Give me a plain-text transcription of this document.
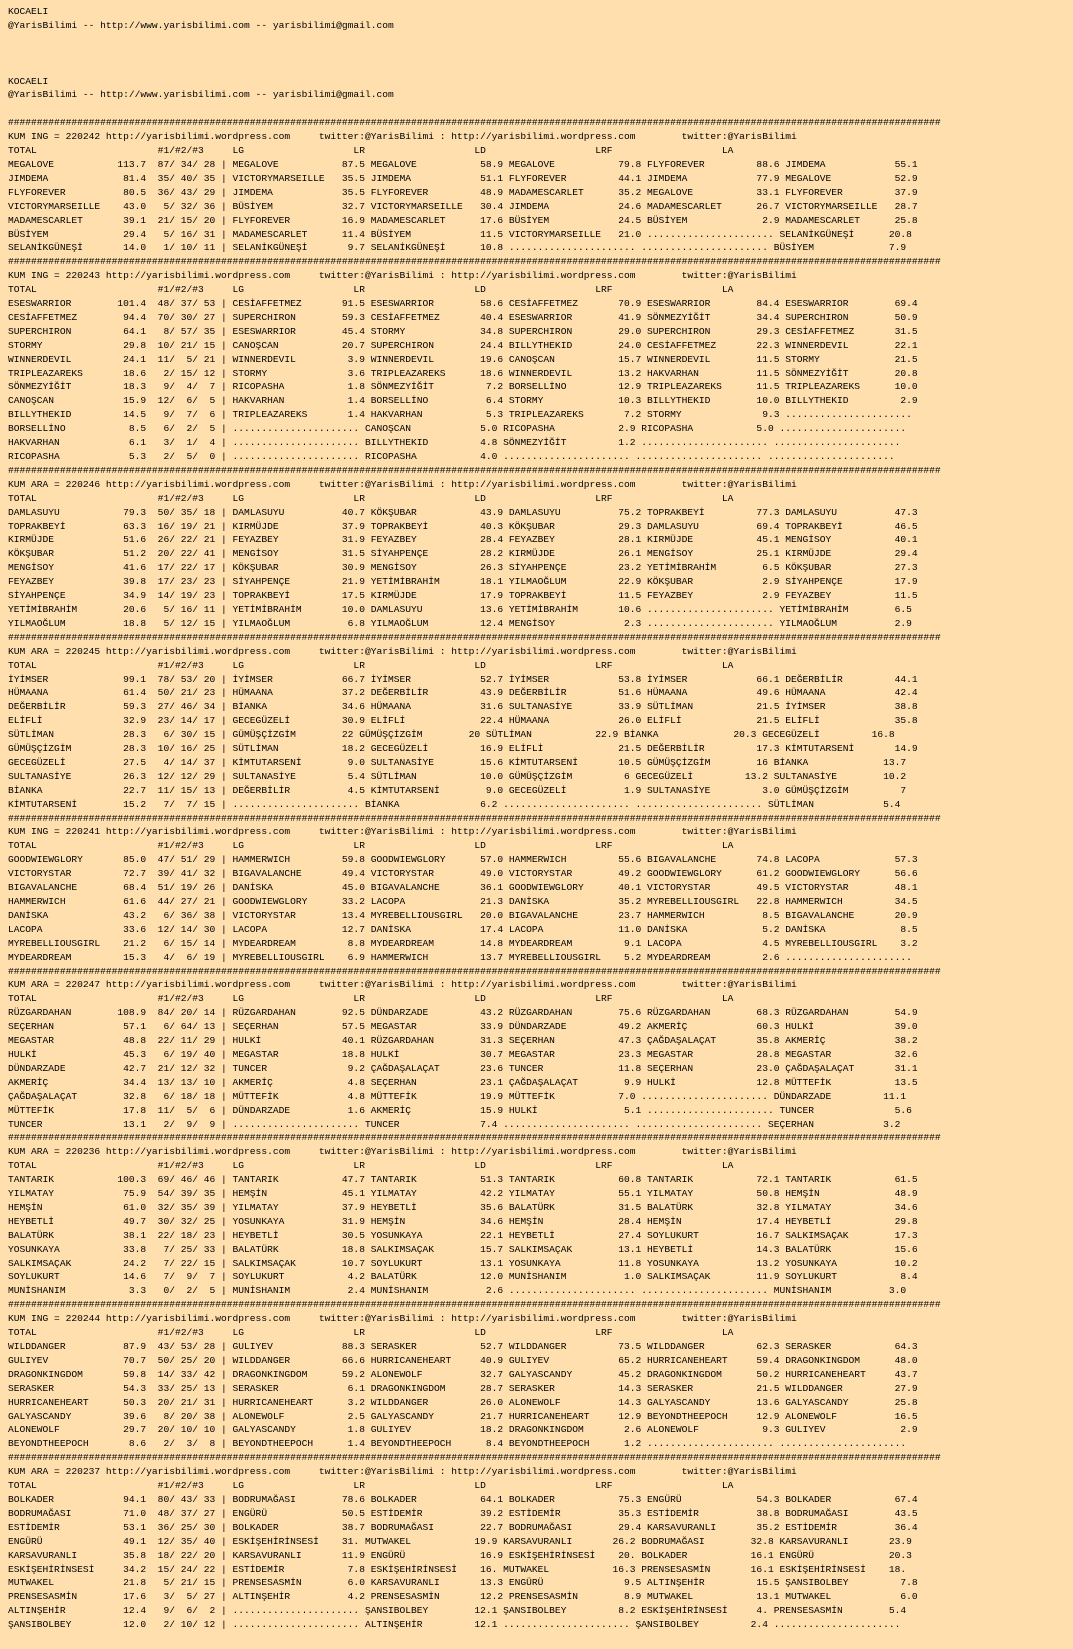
KOCAELI
@YarisBilimi -- http://www.yarisbilimi.com -- yarisbilimi@gmail.com
KOCAELI
@YarisBilimi -- http://www.yarisbilimi.com -- yarisbilimi@gmail.com
##################################################################################################################################################################
KUM ING = 220242 http://yarisbilimi.wordpress.com     twitter:@YarisBilimi : http://yarisbilimi.wordpress.com        twitter:@YarisBilimi
TOTAL                     #1/#2/#3     LG                   LR                   LD                   LRF                   LA
MEGALOVE           113.7  87/ 34/ 28 | MEGALOVE           87.5 MEGALOVE           58.9 MEGALOVE           79.8 FLYFOREVER         88.6 JIMDEMA            55.1
JIMDEMA             81.4  35/ 40/ 35 | VICTORYMARSEILLE   35.5 JIMDEMA            51.1 FLYFOREVER         44.1 JIMDEMA            77.9 MEGALOVE           52.9
FLYFOREVER          80.5  36/ 43/ 29 | JIMDEMA            35.5 FLYFOREVER         48.9 MADAMESCARLET      35.2 MEGALOVE           33.1 FLYFOREVER         37.9
VICTORYMARSEILLE    43.0   5/ 32/ 36 | BÜSİYEM            32.7 VICTORYMARSEILLE   30.4 JIMDEMA            24.6 MADAMESCARLET      26.7 VICTORYMARSEILLE   28.7
MADAMESCARLET       39.1  21/ 15/ 20 | FLYFOREVER         16.9 MADAMESCARLET      17.6 BÜSİYEM            24.5 BÜSİYEM             2.9 MADAMESCARLET      25.8
BÜSİYEM             29.4   5/ 16/ 31 | MADAMESCARLET      11.4 BÜSİYEM            11.5 VICTORYMARSEILLE   21.0 ...................... SELANİKGÜNEŞİ      20.8
SELANİKGÜNEŞİ       14.0   1/ 10/ 11 | SELANİKGÜNEŞİ       9.7 SELANİKGÜNEŞİ      10.8 ...................... ...................... BÜSİYEM             7.9
##################################################################################################################################################################
KUM ING = 220243 http://yarisbilimi.wordpress.com     twitter:@YarisBilimi : http://yarisbilimi.wordpress.com        twitter:@YarisBilimi
TOTAL                     #1/#2/#3     LG                   LR                   LD                   LRF                   LA
ESESWARRIOR        101.4  48/ 37/ 53 | CESİAFFETMEZ       91.5 ESESWARRIOR        58.6 CESİAFFETMEZ       70.9 ESESWARRIOR        84.4 ESESWARRIOR        69.4
CESİAFFETMEZ        94.4  70/ 30/ 27 | SUPERCHIRON        59.3 CESİAFFETMEZ       40.4 ESESWARRIOR        41.9 SÖNMEZYİĞİT        34.4 SUPERCHIRON        50.9
SUPERCHIRON         64.1   8/ 57/ 35 | ESESWARRIOR        45.4 STORMY             34.8 SUPERCHIRON        29.0 SUPERCHIRON        29.3 CESİAFFETMEZ       31.5
STORMY              29.8  10/ 21/ 15 | CANOŞCAN           20.7 SUPERCHIRON        24.4 BILLYTHEKID        24.0 CESİAFFETMEZ       22.3 WINNERDEVIL        22.1
WINNERDEVIL         24.1  11/  5/ 21 | WINNERDEVIL         3.9 WINNERDEVIL        19.6 CANOŞCAN           15.7 WINNERDEVIL        11.5 STORMY             21.5
TRIPLEAZAREKS       18.6   2/ 15/ 12 | STORMY              3.6 TRIPLEAZAREKS      18.6 WINNERDEVIL        13.2 HAKVARHAN          11.5 SÖNMEZYİĞİT        20.8
SÖNMEZYİĞİT         18.3   9/  4/  7 | RICOPASHA           1.8 SÖNMEZYİĞİT         7.2 BORSELLİNO         12.9 TRIPLEAZAREKS      11.5 TRIPLEAZAREKS      10.0
CANOŞCAN            15.9  12/  6/  5 | HAKVARHAN           1.4 BORSELLİNO          6.4 STORMY             10.3 BILLYTHEKID        10.0 BILLYTHEKID         2.9
BILLYTHEKID         14.5   9/  7/  6 | TRIPLEAZAREKS       1.4 HAKVARHAN           5.3 TRIPLEAZAREKS       7.2 STORMY              9.3 ......................
BORSELLİNO           8.5   6/  2/  5 | ...................... CANOŞCAN            5.0 RICOPASHA           2.9 RICOPASHA           5.0 ......................
HAKVARHAN            6.1   3/  1/  4 | ...................... BILLYTHEKID         4.8 SÖNMEZYİĞİT         1.2 ...................... ......................
RICOPASHA            5.3   2/  5/  0 | ...................... RICOPASHA           4.0 ...................... ...................... ......................
##################################################################################################################################################################
KUM ARA = 220246 http://yarisbilimi.wordpress.com     twitter:@YarisBilimi : http://yarisbilimi.wordpress.com        twitter:@YarisBilimi
TOTAL                     #1/#2/#3     LG                   LR                   LD                   LRF                   LA
DAMLASUYU           79.3  50/ 35/ 18 | DAMLASUYU          40.7 KÖKŞUBAR           43.9 DAMLASUYU          75.2 TOPRAKBEYİ         77.3 DAMLASUYU          47.3
TOPRAKBEYİ          63.3  16/ 19/ 21 | KIRMÜJDE           37.9 TOPRAKBEYİ         40.3 KÖKŞUBAR           29.3 DAMLASUYU          69.4 TOPRAKBEYİ         46.5
KIRMÜJDE            51.6  26/ 22/ 21 | FEYAZBEY           31.9 FEYAZBEY           28.4 FEYAZBEY           28.1 KIRMÜJDE           45.1 MENGİSOY           40.1
KÖKŞUBAR            51.2  20/ 22/ 41 | MENGİSOY           31.5 SİYAHPENÇE         28.2 KIRMÜJDE           26.1 MENGİSOY           25.1 KIRMÜJDE           29.4
MENGİSOY            41.6  17/ 22/ 17 | KÖKŞUBAR           30.9 MENGİSOY           26.3 SİYAHPENÇE         23.2 YETİMİBRAHİM        6.5 KÖKŞUBAR           27.3
FEYAZBEY            39.8  17/ 23/ 23 | SİYAHPENÇE         21.9 YETİMİBRAHİM       18.1 YILMAOĞLUM         22.9 KÖKŞUBAR            2.9 SİYAHPENÇE         17.9
SİYAHPENÇE          34.9  14/ 19/ 23 | TOPRAKBEYİ         17.5 KIRMÜJDE           17.9 TOPRAKBEYİ         11.5 FEYAZBEY            2.9 FEYAZBEY           11.5
YETİMİBRAHİM        20.6   5/ 16/ 11 | YETİMİBRAHİM       10.0 DAMLASUYU          13.6 YETİMİBRAHİM       10.6 ...................... YETİMİBRAHİM        6.5
YILMAOĞLUM          18.8   5/ 12/ 15 | YILMAOĞLUM          6.8 YILMAOĞLUM         12.4 MENGİSOY            2.3 ...................... YILMAOĞLUM          2.9
##################################################################################################################################################################
KUM ARA = 220245 http://yarisbilimi.wordpress.com     twitter:@YarisBilimi : http://yarisbilimi.wordpress.com        twitter:@YarisBilimi
TOTAL                     #1/#2/#3     LG                   LR                   LD                   LRF                   LA
İYİMSER             99.1  78/ 53/ 20 | İYİMSER            66.7 İYİMSER            52.7 İYİMSER            53.8 İYİMSER            66.1 DEĞERBİLİR         44.1
HÜMAANA             61.4  50/ 21/ 23 | HÜMAANA            37.2 DEĞERBİLİR         43.9 DEĞERBİLİR         51.6 HÜMAANA            49.6 HÜMAANA            42.4
DEĞERBİLİR          59.3  27/ 46/ 34 | BİANKA             34.6 HÜMAANA            31.6 SULTANASİYE        33.9 SÜTLİMAN           21.5 İYİMSER            38.8
ELİFLİ              32.9  23/ 14/ 17 | GECEGÜZELİ         30.9 ELİFLİ             22.4 HÜMAANA            26.0 ELİFLİ             21.5 ELİFLİ             35.8
SÜTLİMAN            28.3   6/ 30/ 15 | GÜMÜŞÇİZGİM        22 GÜMÜŞÇİZGİM        20 SÜTLİMAN           22.9 BİANKA             20.3 GECEGÜZELİ         16.8
GÜMÜŞÇİZGİM         28.3  10/ 16/ 25 | SÜTLİMAN           18.2 GECEGÜZELİ         16.9 ELİFLİ             21.5 DEĞERBİLİR         17.3 KİMTUTARSENİ       14.9
GECEGÜZELİ          27.5   4/ 14/ 37 | KİMTUTARSENİ        9.0 SULTANASİYE        15.6 KİMTUTARSENİ       10.5 GÜMÜŞÇİZGİM        16 BİANKA             13.7
SULTANASİYE         26.3  12/ 12/ 29 | SULTANASİYE         5.4 SÜTLİMAN           10.0 GÜMÜŞÇİZGİM         6 GECEGÜZELİ         13.2 SULTANASİYE        10.2
BİANKA              22.7  11/ 15/ 13 | DEĞERBİLİR          4.5 KİMTUTARSENİ        9.0 GECEGÜZELİ          1.9 SULTANASİYE         3.0 GÜMÜŞÇİZGİM         7
KİMTUTARSENİ        15.2   7/  7/ 15 | ...................... BİANKA              6.2 ...................... ...................... SÜTLİMAN            5.4
##################################################################################################################################################################
KUM ING = 220241 http://yarisbilimi.wordpress.com     twitter:@YarisBilimi : http://yarisbilimi.wordpress.com        twitter:@YarisBilimi
TOTAL                     #1/#2/#3     LG                   LR                   LD                   LRF                   LA
GOODWIEWGLORY       85.0  47/ 51/ 29 | HAMMERWICH         59.8 GOODWIEWGLORY      57.0 HAMMERWICH         55.6 BIGAVALANCHE       74.8 LACOPA             57.3
VICTORYSTAR         72.7  39/ 41/ 32 | BIGAVALANCHE       49.4 VICTORYSTAR        49.0 VICTORYSTAR        49.2 GOODWIEWGLORY      61.2 GOODWIEWGLORY      56.6
BIGAVALANCHE        68.4  51/ 19/ 26 | DANİSKA            45.0 BIGAVALANCHE       36.1 GOODWIEWGLORY      40.1 VICTORYSTAR        49.5 VICTORYSTAR        48.1
HAMMERWICH          61.6  44/ 27/ 21 | GOODWIEWGLORY      33.2 LACOPA             21.3 DANİSKA            35.2 MYREBELLIOUSGIRL   22.8 HAMMERWICH         34.5
DANİSKA             43.2   6/ 36/ 38 | VICTORYSTAR        13.4 MYREBELLIOUSGIRL   20.0 BIGAVALANCHE       23.7 HAMMERWICH          8.5 BIGAVALANCHE       20.9
LACOPA              33.6  12/ 14/ 30 | LACOPA             12.7 DANİSKA            17.4 LACOPA             11.0 DANİSKA             5.2 DANİSKA             8.5
MYREBELLIOUSGIRL    21.2   6/ 15/ 14 | MYDEARDREAM         8.8 MYDEARDREAM        14.8 MYDEARDREAM         9.1 LACOPA              4.5 MYREBELLIOUSGIRL    3.2
MYDEARDREAM         15.3   4/  6/ 19 | MYREBELLIOUSGIRL    6.9 HAMMERWICH         13.7 MYREBELLIOUSGIRL    5.2 MYDEARDREAM         2.6 ......................
##################################################################################################################################################################
KUM ARA = 220247 http://yarisbilimi.wordpress.com     twitter:@YarisBilimi : http://yarisbilimi.wordpress.com        twitter:@YarisBilimi
TOTAL                     #1/#2/#3     LG                   LR                   LD                   LRF                   LA
RÜZGARDAHAN        108.9  84/ 20/ 14 | RÜZGARDAHAN        92.5 DÜNDARZADE         43.2 RÜZGARDAHAN        75.6 RÜZGARDAHAN        68.3 RÜZGARDAHAN        54.9
SEÇERHAN            57.1   6/ 64/ 13 | SEÇERHAN           57.5 MEGASTAR           33.9 DÜNDARZADE         49.2 AKMERİÇ            60.3 HULKİ              39.0
MEGASTAR            48.8  22/ 11/ 29 | HULKİ              40.1 RÜZGARDAHAN        31.3 SEÇERHAN           47.3 ÇAĞDAŞALAÇAT       35.8 AKMERİÇ            38.2
HULKİ               45.3   6/ 19/ 40 | MEGASTAR           18.8 HULKİ              30.7 MEGASTAR           23.3 MEGASTAR           28.8 MEGASTAR           32.6
DÜNDARZADE          42.7  21/ 12/ 32 | TUNCER              9.2 ÇAĞDAŞALAÇAT       23.6 TUNCER             11.8 SEÇERHAN           23.0 ÇAĞDAŞALAÇAT       31.1
AKMERİÇ             34.4  13/ 13/ 10 | AKMERİÇ             4.8 SEÇERHAN           23.1 ÇAĞDAŞALAÇAT        9.9 HULKİ              12.8 MÜTTEFİK           13.5
ÇAĞDAŞALAÇAT        32.8   6/ 18/ 18 | MÜTTEFİK            4.8 MÜTTEFİK           19.9 MÜTTEFİK           7.0 ...................... DÜNDARZADE         11.1
MÜTTEFİK            17.8  11/  5/  6 | DÜNDARZADE          1.6 AKMERİÇ            15.9 HULKİ               5.1 ...................... TUNCER              5.6
TUNCER              13.1   2/  9/  9 | ...................... TUNCER              7.4 ...................... ...................... SEÇERHAN            3.2
##################################################################################################################################################################
KUM ARA = 220236 http://yarisbilimi.wordpress.com     twitter:@YarisBilimi : http://yarisbilimi.wordpress.com        twitter:@YarisBilimi
TOTAL                     #1/#2/#3     LG                   LR                   LD                   LRF                   LA
TANTARIK           100.3  69/ 46/ 46 | TANTARIK           47.7 TANTARIK           51.3 TANTARIK           60.8 TANTARIK           72.1 TANTARIK           61.5
YILMATAY            75.9  54/ 39/ 35 | HEMŞİN             45.1 YILMATAY           42.2 YILMATAY           55.1 YILMATAY           50.8 HEMŞİN             48.9
HEMŞİN              61.0  32/ 35/ 39 | YILMATAY           37.9 HEYBETLİ           35.6 BALATÜRK           31.5 BALATÜRK           32.8 YILMATAY           34.6
HEYBETLİ            49.7  30/ 32/ 25 | YOSUNKAYA          31.9 HEMŞİN             34.6 HEMŞİN             28.4 HEMŞİN             17.4 HEYBETLİ           29.8
BALATÜRK            38.1  22/ 18/ 23 | HEYBETLİ           30.5 YOSUNKAYA          22.1 HEYBETLİ           27.4 SOYLUKURT          16.7 SALKIMSAÇAK        17.3
YOSUNKAYA           33.8   7/ 25/ 33 | BALATÜRK           18.8 SALKIMSAÇAK        15.7 SALKIMSAÇAK        13.1 HEYBETLİ           14.3 BALATÜRK           15.6
SALKIMSAÇAK         24.2   7/ 22/ 15 | SALKIMSAÇAK        10.7 SOYLUKURT          13.1 YOSUNKAYA          11.8 YOSUNKAYA          13.2 YOSUNKAYA          10.2
SOYLUKURT           14.6   7/  9/  7 | SOYLUKURT           4.2 BALATÜRK           12.0 MUNİSHANIM          1.0 SALKIMSAÇAK        11.9 SOYLUKURT           8.4
MUNİSHANIM           3.3   0/  2/  5 | MUNİSHANIM          2.4 MUNİSHANIM          2.6 ...................... ...................... MUNİSHANIM          3.0
##################################################################################################################################################################
KUM ING = 220244 http://yarisbilimi.wordpress.com     twitter:@YarisBilimi : http://yarisbilimi.wordpress.com        twitter:@YarisBilimi
TOTAL                     #1/#2/#3     LG                   LR                   LD                   LRF                   LA
WILDDANGER          87.9  43/ 53/ 28 | GULIYEV            88.3 SERASKER           52.7 WILDDANGER         73.5 WILDDANGER         62.3 SERASKER           64.3
GULIYEV             70.7  50/ 25/ 20 | WILDDANGER         66.6 HURRICANEHEART     40.9 GULIYEV            65.2 HURRICANEHEART     59.4 DRAGONKINGDOM      48.0
DRAGONKINGDOM       59.8  14/ 33/ 42 | DRAGONKINGDOM      59.2 ALONEWOLF          32.7 GALYASCANDY        45.2 DRAGONKINGDOM      50.2 HURRICANEHEART     43.7
SERASKER            54.3  33/ 25/ 13 | SERASKER            6.1 DRAGONKINGDOM      28.7 SERASKER           14.3 SERASKER           21.5 WILDDANGER         27.9
HURRICANEHEART      50.3  20/ 21/ 31 | HURRICANEHEART      3.2 WILDDANGER         26.0 ALONEWOLF          14.3 GALYASCANDY        13.6 GALYASCANDY        25.8
GALYASCANDY         39.6   8/ 20/ 38 | ALONEWOLF           2.5 GALYASCANDY        21.7 HURRICANEHEART     12.9 BEYONDTHEEPOCH     12.9 ALONEWOLF          16.5
ALONEWOLF           29.7  20/ 10/ 10 | GALYASCANDY         1.8 GULIYEV            18.2 DRAGONKINGDOM       2.6 ALONEWOLF           9.3 GULIYEV             2.9
BEYONDTHEEPOCH       8.6   2/  3/  8 | BEYONDTHEEPOCH      1.4 BEYONDTHEEPOCH      8.4 BEYONDTHEEPOCH      1.2 ...................... ......................
##################################################################################################################################################################
KUM ARA = 220237 http://yarisbilimi.wordpress.com     twitter:@YarisBilimi : http://yarisbilimi.wordpress.com        twitter:@YarisBilimi
TOTAL                     #1/#2/#3     LG                   LR                   LD                   LRF                   LA
BOLKADER            94.1  80/ 43/ 33 | BODRUMAĞASI        78.6 BOLKADER           64.1 BOLKADER           75.3 ENGÜRÜ             54.3 BOLKADER           67.4
BODRUMAĞASI         71.0  48/ 37/ 27 | ENGÜRÜ             50.5 ESTİDEMİR          39.2 ESTİDEMİR          35.3 ESTİDEMİR          38.8 BODRUMAĞASI        43.5
ESTİDEMİR           53.1  36/ 25/ 30 | BOLKADER           38.7 BODRUMAĞASI        22.7 BODRUMAĞASI        29.4 KARSAVURANLI       35.2 ESTİDEMİR          36.4
ENGÜRÜ              49.1  12/ 35/ 40 | ESKİŞEHİRİNSESİ    31. MUTWAKEL           19.9 KARSAVURANLI       26.2 BODRUMAĞASI        32.8 KARSAVURANLI       23.9
KARSAVURANLI        35.8  18/ 22/ 20 | KARSAVURANLI       11.9 ENGÜRÜ             16.9 ESKİŞEHİRİNSESİ    20. BOLKADER           16.1 ENGÜRÜ             20.3
ESKİŞEHİRİNSESİ     34.2  15/ 24/ 22 | ESTİDEMİR           7.8 ESKİŞEHİRİNSESİ    16. MUTWAKEL           16.3 PRENSESASMİN       16.1 ESKİŞEHİRİNSESİ    18.
MUTWAKEL            21.8   5/ 21/ 15 | PRENSESASMİN        6.0 KARSAVURANLI       13.3 ENGÜRÜ              9.5 ALTINŞEHİR         15.5 ŞANSIBOLBEY         7.8
PRENSESASMİN        17.6   3/  5/ 27 | ALTINŞEHİR          4.2 PRENSESASMİN       12.2 PRENSESASMİN        8.9 MUTWAKEL           13.1 MUTWAKEL            6.0
ALTINŞEHİR          12.4   9/  6/  2 | ...................... ŞANSIBOLBEY        12.1 ŞANSIBOLBEY         8.2 ESKİŞEHİRİNSESİ     4. PRENSESASMİN        5.4
ŞANSIBOLBEY         12.0   2/ 10/ 12 | ...................... ALTINŞEHİR         12.1 ...................... ŞANSIBOLBEY         2.4 ......................
